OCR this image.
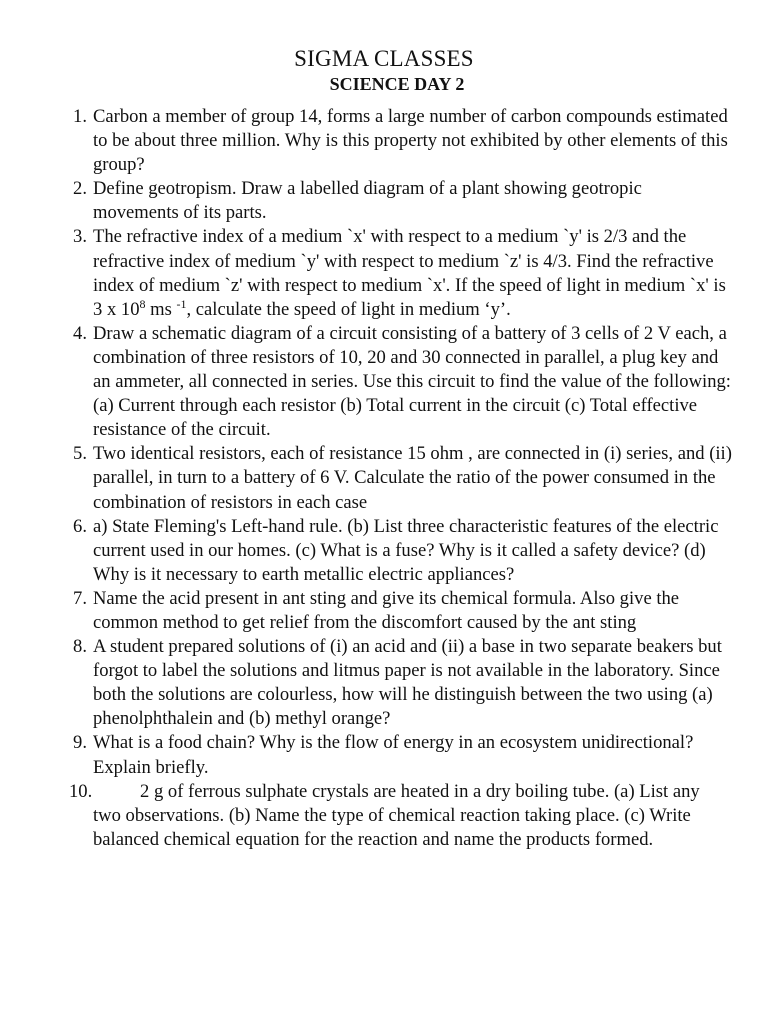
SIGMA CLASSES
SCIENCE DAY 2
1. Carbon a member of group 14, forms a large number of carbon compounds estimated to be about three million. Why is this property not exhibited by other elements of this group?
2. Define geotropism. Draw a labelled diagram of a plant showing geotropic movements of its parts.
3. The refractive index of a medium `x' with respect to a medium `y' is 2/3 and the refractive index of medium `y' with respect to medium `z' is 4/3. Find the refractive index of medium `z' with respect to medium `x'. If the speed of light in medium `x' is 3 x $10^8$ ms $^{-1}$, calculate the speed of light in medium ‘y’.
4. Draw a schematic diagram of a circuit consisting of a battery of 3 cells of 2 V each, a combination of three resistors of 10, 20 and 30 connected in parallel, a plug key and an ammeter, all connected in series. Use this circuit to find the value of the following: (a) Current through each resistor (b) Total current in the circuit (c) Total effective resistance of the circuit.
5. Two identical resistors, each of resistance 15 ohm , are connected in (i) series, and (ii) parallel, in turn to a battery of 6 V. Calculate the ratio of the power consumed in the combination of resistors in each case
6. a) State Fleming's Left-hand rule. (b) List three characteristic features of the electric current used in our homes. (c) What is a fuse? Why is it called a safety device? (d) Why is it necessary to earth metallic electric appliances?
7. Name the acid present in ant sting and give its chemical formula. Also give the common method to get relief from the discomfort caused by the ant sting
8. A student prepared solutions of (i) an acid and (ii) a base in two separate beakers but forgot to label the solutions and litmus paper is not available in the laboratory. Since both the solutions are colourless, how will he distinguish between the two using (a) phenolphthalein and (b) methyl orange?
9. What is a food chain? Why is the flow of energy in an ecosystem unidirectional? Explain briefly.
10.	2 g of ferrous sulphate crystals are heated in a dry boiling tube. (a) List any two observations. (b) Name the type of chemical reaction taking place. (c) Write balanced chemical equation for the reaction and name the products formed.
